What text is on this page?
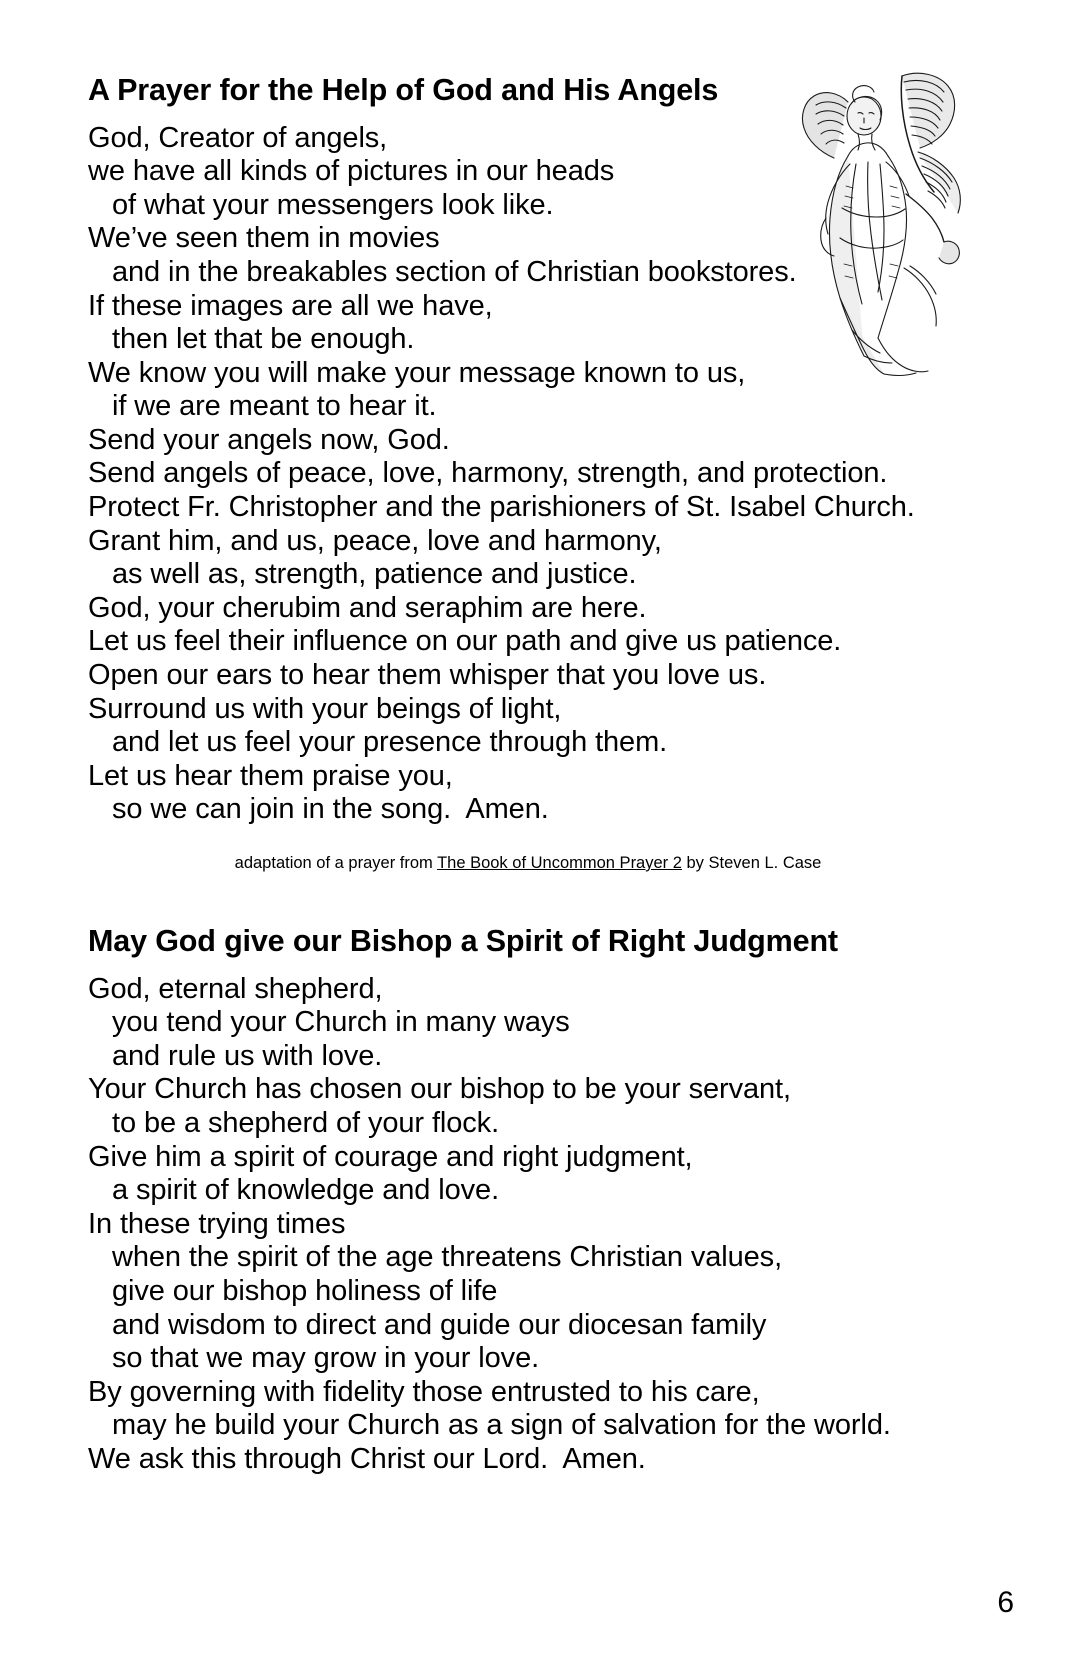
A Prayer for the Help of God and His Angels
God, Creator of angels,
we have all kinds of pictures in our heads
of what your messengers look like.
We’ve seen them in movies
and in the breakables section of Christian bookstores.
If these images are all we have,
then let that be enough.
We know you will make your message known to us,
if we are meant to hear it.
Send your angels now, God.
Send angels of peace, love, harmony, strength, and protection.
Protect Fr. Christopher and the parishioners of St. Isabel Church.
Grant him, and us, peace, love and harmony,
as well as, strength, patience and justice.
God, your cherubim and seraphim are here.
Let us feel their influence on our path and give us patience.
Open our ears to hear them whisper that you love us.
Surround us with your beings of light,
and let us feel your presence through them.
Let us hear them praise you,
so we can join in the song.  Amen.
adaptation of a prayer from The Book of Uncommon Prayer 2 by Steven L. Case
May God give our Bishop a Spirit of Right Judgment
God, eternal shepherd,
you tend your Church in many ways
and rule us with love.
Your Church has chosen our bishop to be your servant,
to be a shepherd of your flock.
Give him a spirit of courage and right judgment,
a spirit of knowledge and love.
In these trying times
when the spirit of the age threatens Christian values,
give our bishop holiness of life
and wisdom to direct and guide our diocesan family
so that we may grow in your love.
By governing with fidelity those entrusted to his care,
may he build your Church as a sign of salvation for the world.
We ask this through Christ our Lord.  Amen.
6
